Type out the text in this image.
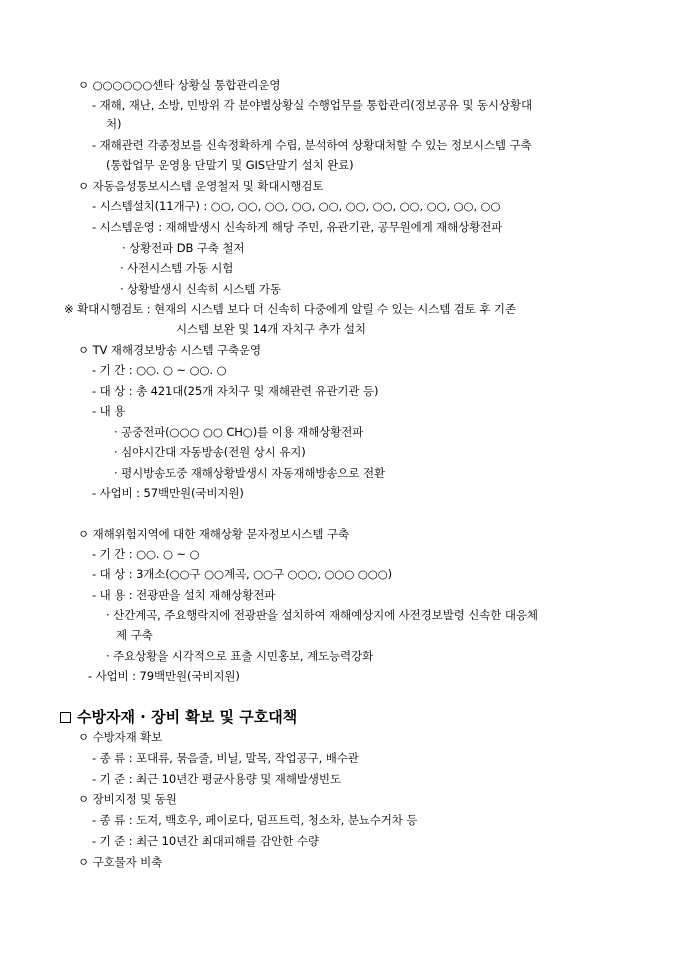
ㅇ ○○○○○○센타 상황실 통합관리운영
- 재해, 재난, 소방, 민방위 각 분야별상황실 수행업무를 통합관리(정보공유 및 동시상황대
처)
- 재해관련 각종정보를 신속정확하게 수립, 분석하여 상황대처할 수 있는 정보시스템 구축
(통합업무 운영용 단말기 및 GIS단말기 설치 완료)
ㅇ 자동음성통보시스템 운영철저 및 확대시행검토
- 시스템설치(11개구) : ○○, ○○, ○○, ○○, ○○, ○○, ○○, ○○, ○○, ○○, ○○
- 시스템운영 : 재해발생시 신속하게 해당 주민, 유관기관, 공무원에게 재해상황전파
· 상황전파 DB 구축 철저
· 사전시스템 가동 시험
· 상황발생시 신속히 시스템 가동
※ 확대시행검토 : 현재의 시스템 보다 더 신속히 다중에게 알릴 수 있는 시스템 검토 후 기존
시스템 보완 및 14개 자치구 추가 설치
ㅇ TV 재해경보방송 시스템 구축운영
- 기 간 : ○○. ○ ~ ○○. ○
- 대 상 : 총 421대(25개 자치구 및 재해관련 유관기관 등)
- 내 용
· 공중전파(○○○ ○○ CH○)를 이용 재해상황전파
· 심야시간대 자동방송(전원 상시 유지)
· 평시방송도중 재해상황발생시 자동재해방송으로 전환
- 사업비 : 57백만원(국비지원)
ㅇ 재해위험지역에 대한 재해상황 문자정보시스템 구축
- 기 간 : ○○. ○ ~ ○
- 대 상 : 3개소(○○구 ○○계곡, ○○구 ○○○, ○○○ ○○○)
- 내 용 : 전광판을 설치 재해상황전파
· 산간계곡, 주요행락지에 전광판을 설치하여 재해예상지에 사전경보발령 신속한 대응체
제 구축
· 주요상황을 시각적으로 표출 시민홍보, 계도능력강화
- 사업비 : 79백만원(국비지원)
수방자재 · 장비 확보 및 구호대책
ㅇ 수방자재 확보
- 종 류 : 포대류, 묶음줄, 비닐, 말목, 작업공구, 배수관
- 기 준 : 최근 10년간 평균사용량 및 재해발생빈도
ㅇ 장비지정 및 동원
- 종 류 : 도져, 백호우, 페이로다, 덤프트럭, 청소차, 분뇨수거차 등
- 기 준 : 최근 10년간 최대피해를 감안한 수량
ㅇ 구호물자 비축
